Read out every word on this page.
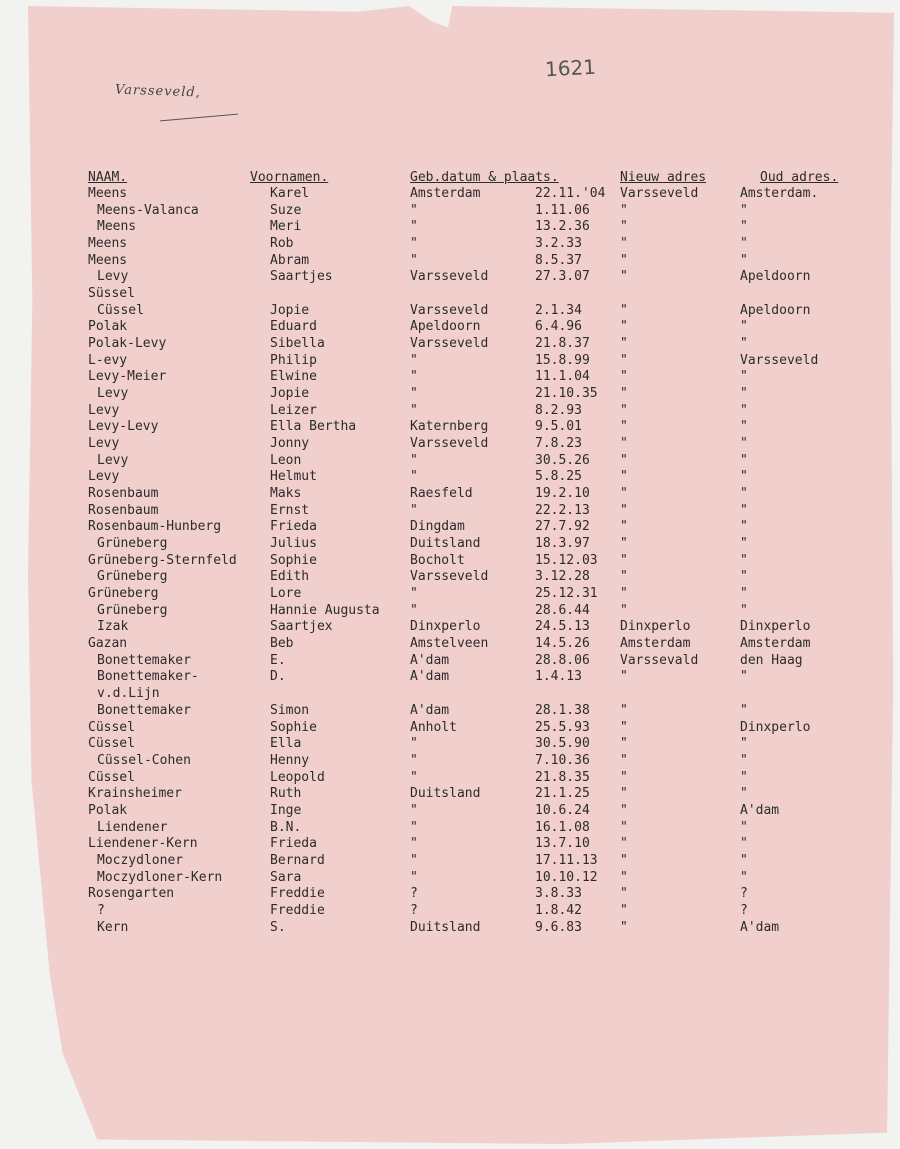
1621
Varsseveld,
NAAM.	Voornamen.	Geb.datum & plaats.	Nieuw adres	Oud adres.
Meens	Karel	Amsterdam	22.11.'04 Varsseveld	Amsterdam.
Meens-Valanca	Suze	"	1.11.06 "	"
Meens	Meri	"	13.2.36 "	"
Meens	Rob	"	3.2.33	"	"
Meens	Abram	"	8.5.37	"	"
Levy	Saartjes	Varsseveld	27.3.07 "	Apeldoorn
Süssel
Cüssel	Jopie	Varsseveld	2.1.34	"	Apeldoorn
Polak	Eduard	Apeldoorn	6.4.96	"	"
Polak-Levy	Sibella	Varsseveld	21.8.37 "	"
L-evy	Philip	"	15.8.99 "	Varsseveld
Levy-Meier	Elwine	"	11.1.04 "	"
Levy	Jopie	"	21.10.35 "	"
Levy	Leizer	"	8.2.93	"	"
Levy-Levy	Ella Bertha	Katernberg	9.5.01	"	"
Levy	Jonny	Varsseveld	7.8.23	"	"
Levy	Leon	"	30.5.26 "	"
Levy	Helmut	"	5.8.25	"	"
Rosenbaum	Maks	Raesfeld	19.2.10 "	"
Rosenbaum	Ernst	"	22.2.13 "	"
Rosenbaum-Hunberg	Frieda	Dingdam	27.7.92 "	"
Grüneberg	Julius	Duitsland	18.3.97 "	"
Grüneberg-Sternfeld	Sophie	Bocholt	15.12.03 "	"
Grüneberg	Edith	Varsseveld	3.12.28 "	"
Grüneberg	Lore	"	25.12.31 "	"
Grüneberg	Hannie Augusta "	28.6.44 "	"
Izak	Saartjex	Dinxperlo	24.5.13 Dinxperlo	Dinxperlo
Gazan	Beb	Amstelveen	14.5.26 Amsterdam	Amsterdam
Bonettemaker	E.	A'dam	28.8.06 Varssevald	den Haag
Bonettemaker-	D.	A'dam	1.4.13	"	"
v.d.Lijn
Bonettemaker	Simon	A'dam	28.1.38 "	"
Cüssel	Sophie	Anholt	25.5.93 "	Dinxperlo
Cüssel	Ella	"	30.5.90 "	"
Cüssel-Cohen	Henny	"	7.10.36 "	"
Cüssel	Leopold	"	21.8.35 "	"
Krainsheimer	Ruth	Duitsland	21.1.25 "	"
Polak	Inge	"	10.6.24 "	A'dam
Liendener	B.N.	"	16.1.08 "	"
Liendener-Kern	Frieda	"	13.7.10 "	"
Moczydloner	Bernard	"	17.11.13 "	"
Moczydloner-Kern	Sara	"	10.10.12 "	"
Rosengarten	Freddie	?	3.8.33	"	?
?	Freddie	?	1.8.42	"	?
Kern	S.	Duitsland	9.6.83	"	A'dam
